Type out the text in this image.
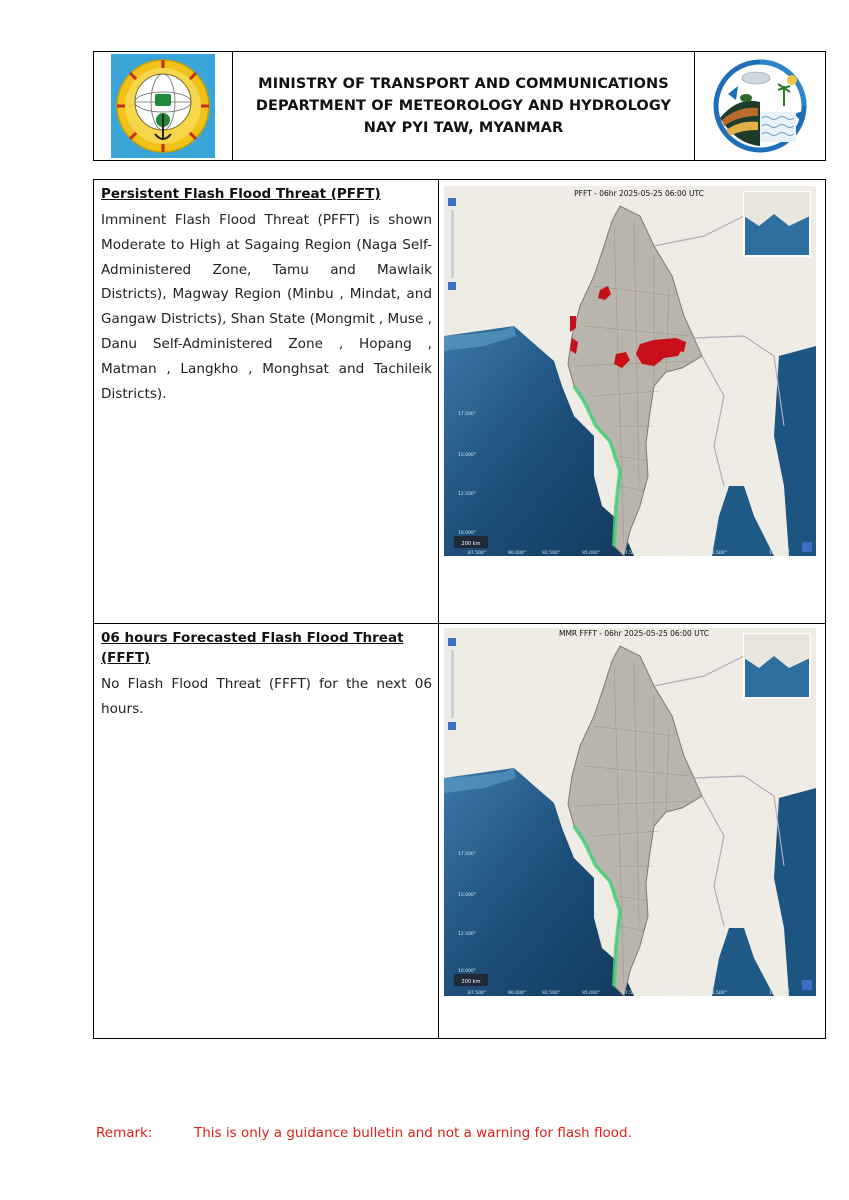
MINISTRY OF TRANSPORT AND COMMUNICATIONS
DEPARTMENT OF METEOROLOGY AND HYDROLOGY
NAY PYI TAW, MYANMAR

Persistent Flash Flood Threat (PFFT)

Imminent Flash Flood Threat (PFFT) is shown Moderate to High at Sagaing Region (Naga Self-Administered Zone, Tamu and Mawlaik Districts), Magway Region (Minbu , Mindat, and Gangaw Districts), Shan State (Mongmit , Muse , Danu Self-Administered Zone , Hopang , Matman , Langkho , Monghsat and Tachileik Districts).

PFFT - 06hr 2025-05-25 06:00 UTC
200 km
17.500°
15.000°
12.500°
10.000°
87.500°	90.000°	92.500°	95.000°	97.500°	100.000°	102.500°	107.500°

06 hours Forecasted Flash Flood Threat (FFFT)

No Flash Flood Threat (FFFT) for the next 06 hours.

MMR FFFT - 06hr 2025-05-25 06:00 UTC
200 km
17.500°
15.000°
12.500°
10.000°
87.500°	90.000°	92.500°	95.000°	97.500°	100.000°	102.500°	107.500°
Remark:	This is only a guidance bulletin and not a warning for flash flood.
